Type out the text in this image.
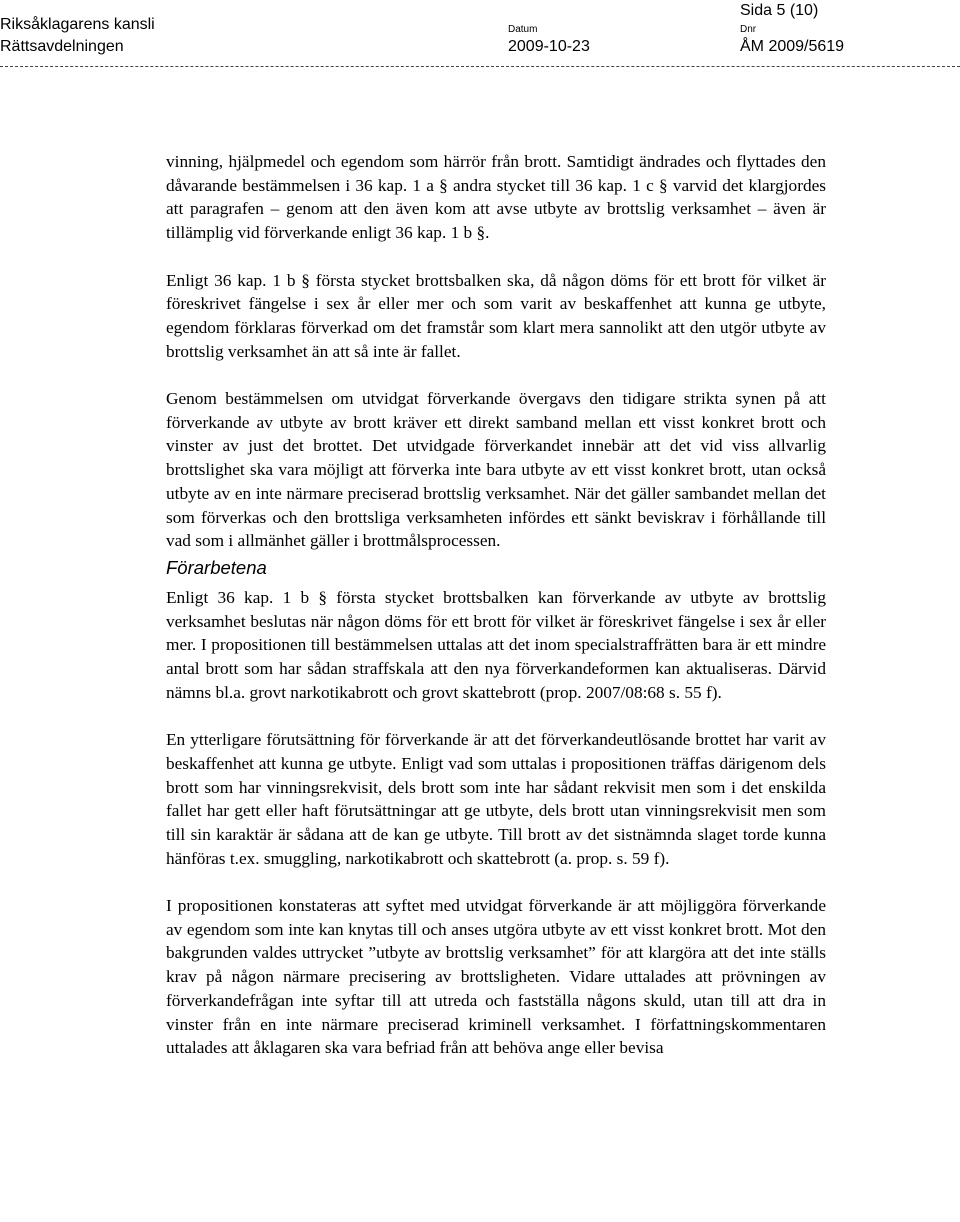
Riksåklagarens kansli
Rättsavdelningen
Sida 5 (10)
Datum
2009-10-23
Dnr
ÅM 2009/5619

vinning, hjälpmedel och egendom som härrör från brott. Samtidigt ändrades och flyttades den dåvarande bestämmelsen i 36 kap. 1 a § andra stycket till 36 kap. 1 c § varvid det klargjordes att paragrafen – genom att den även kom att avse utbyte av brottslig verksamhet – även är tillämplig vid förverkande enligt 36 kap. 1 b §.

Enligt 36 kap. 1 b § första stycket brottsbalken ska, då någon döms för ett brott för vilket är föreskrivet fängelse i sex år eller mer och som varit av beskaffenhet att kunna ge utbyte, egendom förklaras förverkad om det framstår som klart mera sannolikt att den utgör utbyte av brottslig verksamhet än att så inte är fallet.

Genom bestämmelsen om utvidgat förverkande övergavs den tidigare strikta synen på att förverkande av utbyte av brott kräver ett direkt samband mellan ett visst konkret brott och vinster av just det brottet. Det utvidgade förverkandet innebär att det vid viss allvarlig brottslighet ska vara möjligt att förverka inte bara utbyte av ett visst konkret brott, utan också utbyte av en inte närmare preciserad brottslig verksamhet. När det gäller sambandet mellan det som förverkas och den brottsliga verksamheten infördes ett sänkt beviskrav i förhållande till vad som i allmänhet gäller i brottmålsprocessen.

Förarbetena

Enligt 36 kap. 1 b § första stycket brottsbalken kan förverkande av utbyte av brottslig verksamhet beslutas när någon döms för ett brott för vilket är föreskrivet fängelse i sex år eller mer. I propositionen till bestämmelsen uttalas att det inom specialstraffrätten bara är ett mindre antal brott som har sådan straffskala att den nya förverkandeformen kan aktualiseras. Därvid nämns bl.a. grovt narkotikabrott och grovt skattebrott (prop. 2007/08:68 s. 55 f).

En ytterligare förutsättning för förverkande är att det förverkandeutlösande brottet har varit av beskaffenhet att kunna ge utbyte. Enligt vad som uttalas i propositionen träffas därigenom dels brott som har vinningsrekvisit, dels brott som inte har sådant rekvisit men som i det enskilda fallet har gett eller haft förutsättningar att ge utbyte, dels brott utan vinningsrekvisit men som till sin karaktär är sådana att de kan ge utbyte. Till brott av det sistnämnda slaget torde kunna hänföras t.ex. smuggling, narkotikabrott och skattebrott (a. prop. s. 59 f).

I propositionen konstateras att syftet med utvidgat förverkande är att möjliggöra förverkande av egendom som inte kan knytas till och anses utgöra utbyte av ett visst konkret brott. Mot den bakgrunden valdes uttrycket ”utbyte av brottslig verksamhet” för att klargöra att det inte ställs krav på någon närmare precisering av brottsligheten. Vidare uttalades att prövningen av förverkandefrågan inte syftar till att utreda och fastställa någons skuld, utan till att dra in vinster från en inte närmare preciserad kriminell verksamhet. I författningskommentaren uttalades att åklagaren ska vara befriad från att behöva ange eller bevisa
